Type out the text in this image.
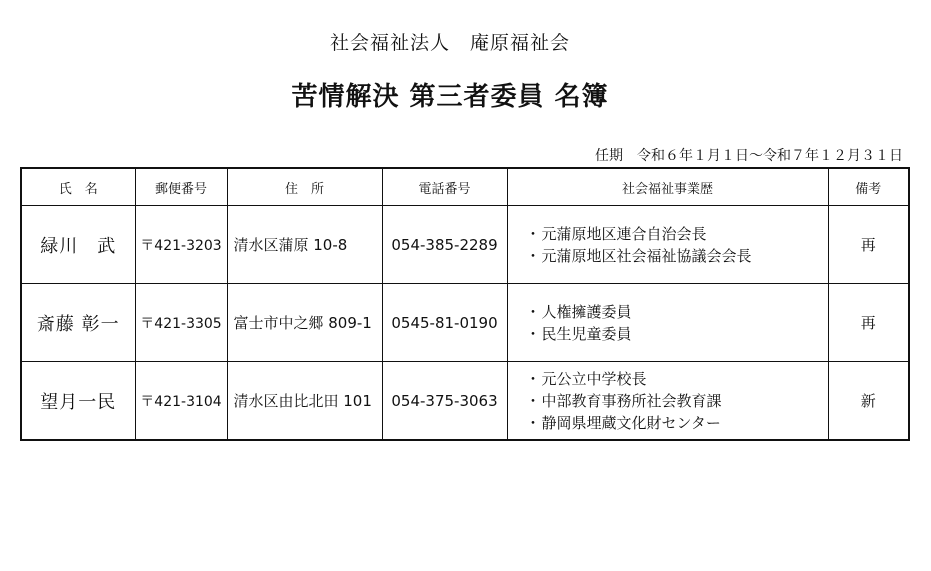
社会福祉法人　庵原福祉会
苦情解決 第三者委員 名簿
任期　令和６年１月１日～令和７年１２月３１日
氏　名	郵便番号	住　所	電話番号	社会福祉事業歴	備考
緑川　武	〒421-3203	清水区蒲原 10-8	054-385-2289	・元蒲原地区連合自治会長
・元蒲原地区社会福祉協議会会長	再
斎藤 彰一	〒421-3305	富士市中之郷 809-1	0545-81-0190	・人権擁護委員
・民生児童委員	再
望月一民	〒421-3104	清水区由比北田 101	054-375-3063	・元公立中学校長
・中部教育事務所社会教育課
・静岡県埋蔵文化財センター	新
